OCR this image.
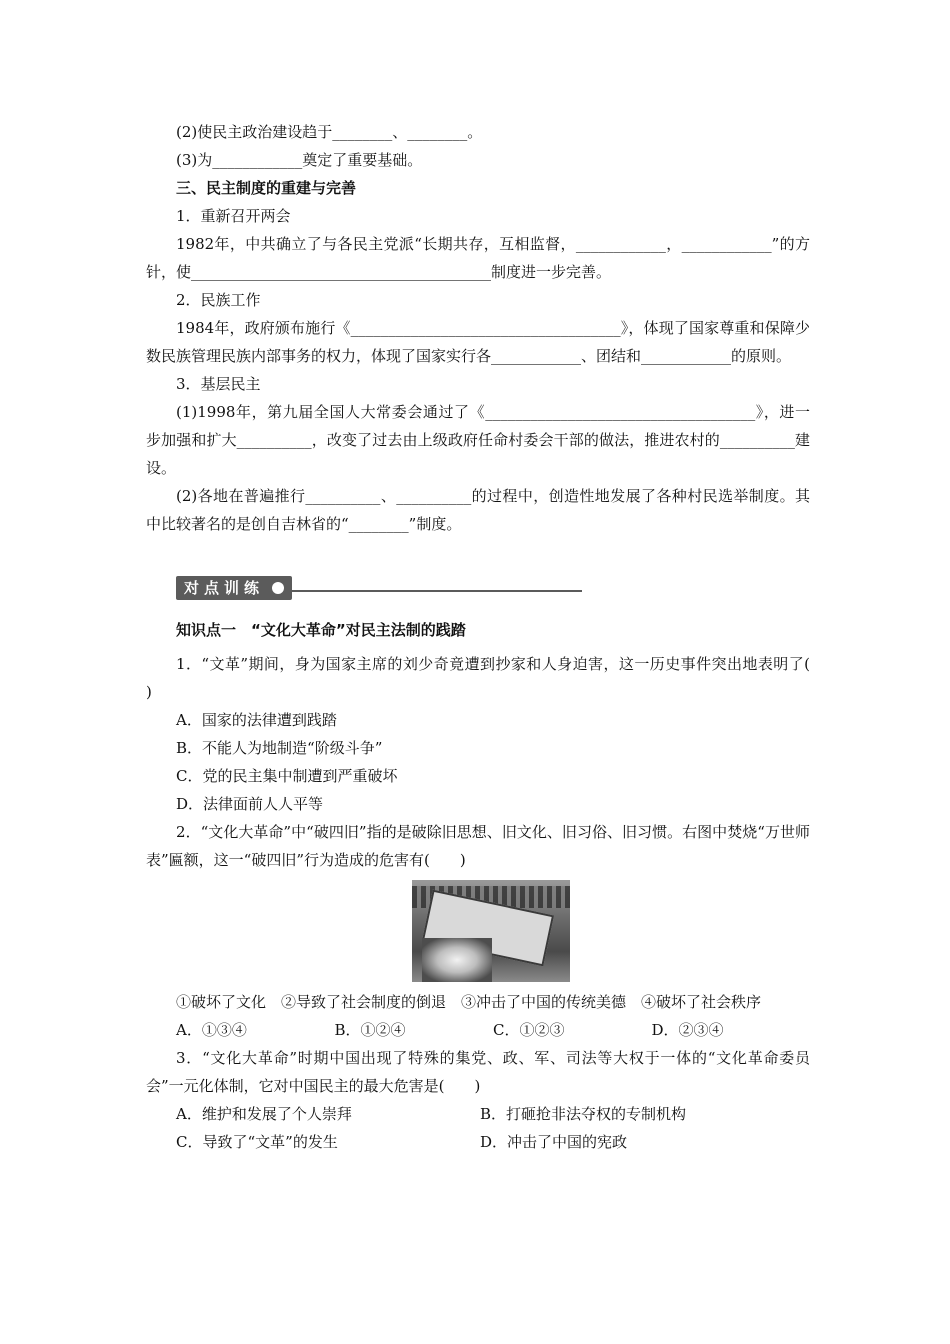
(2)使民主政治建设趋于________、________。
(3)为____________奠定了重要基础。
三、民主制度的重建与完善
1．重新召开两会
1982年，中共确立了与各民主党派“长期共存，互相监督，____________，____________”的方针，使________________________________________制度进一步完善。
2．民族工作
1984年，政府颁布施行《____________________________________》，体现了国家尊重和保障少数民族管理民族内部事务的权力，体现了国家实行各____________、团结和____________的原则。
3．基层民主
(1)1998年，第九届全国人大常委会通过了《____________________________________》，进一步加强和扩大__________，改变了过去由上级政府任命村委会干部的做法，推进农村的__________建设。
(2)各地在普遍推行__________、__________的过程中，创造性地发展了各种村民选举制度。其中比较著名的是创自吉林省的“________”制度。
对点训练
知识点一　“文化大革命”对民主法制的践踏
1．“文革”期间，身为国家主席的刘少奇竟遭到抄家和人身迫害，这一历史事件突出地表明了(　　)
A．国家的法律遭到践踏
B．不能人为地制造“阶级斗争”
C．党的民主集中制遭到严重破坏
D．法律面前人人平等
2．“文化大革命”中“破四旧”指的是破除旧思想、旧文化、旧习俗、旧习惯。右图中焚烧“万世师表”匾额，这一“破四旧”行为造成的危害有(　　)
①破坏了文化　②导致了社会制度的倒退　③冲击了中国的传统美德　④破坏了社会秩序
A．①③④	B．①②④	C．①②③	D．②③④
3．“文化大革命”时期中国出现了特殊的集党、政、军、司法等大权于一体的“文化革命委员会”一元化体制，它对中国民主的最大危害是(　　)
A．维护和发展了个人崇拜	B．打砸抢非法夺权的专制机构
C．导致了“文革”的发生	D．冲击了中国的宪政
